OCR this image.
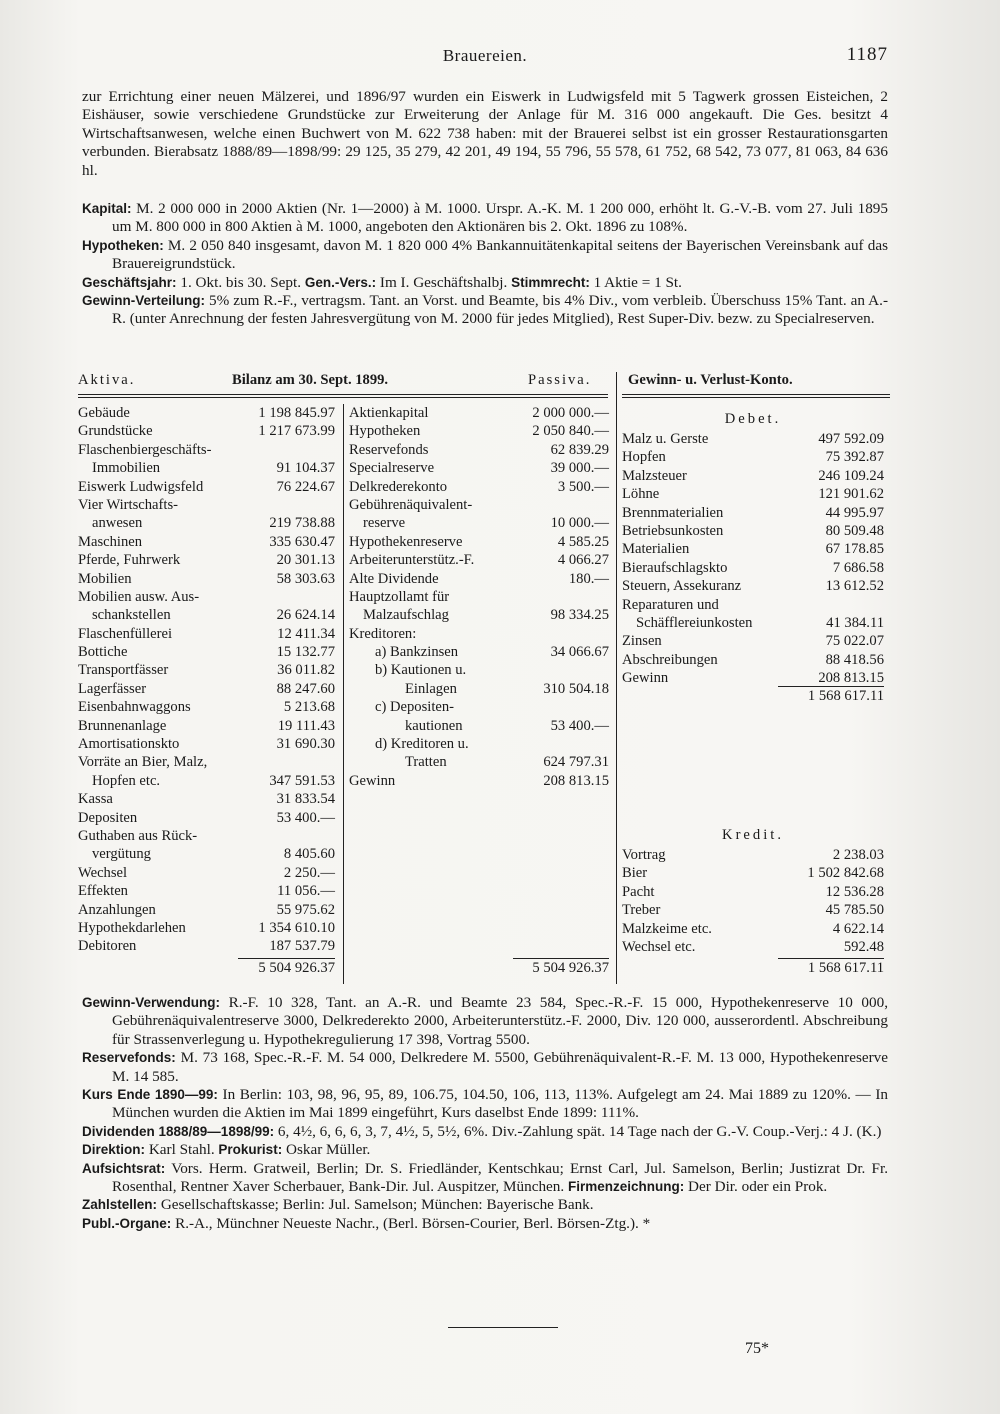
Brauereien.	1187
zur Errichtung einer neuen Mälzerei, und 1896/97 wurden ein Eiswerk in Ludwigsfeld mit 5 Tagwerk grossen Eisteichen, 2 Eishäuser, sowie verschiedene Grundstücke zur Erweiterung der Anlage für M. 316 000 angekauft. Die Ges. besitzt 4 Wirtschaftsanwesen, welche einen Buchwert von M. 622 738 haben: mit der Brauerei selbst ist ein grosser Restaurationsgarten verbunden. Bierabsatz 1888/89—1898/99: 29 125, 35 279, 42 201, 49 194, 55 796, 55 578, 61 752, 68 542, 73 077, 81 063, 84 636 hl.
Kapital: M. 2 000 000 in 2000 Aktien (Nr. 1—2000) à M. 1000. Urspr. A.-K. M. 1 200 000, erhöht lt. G.-V.-B. vom 27. Juli 1895 um M. 800 000 in 800 Aktien à M. 1000, angeboten den Aktionären bis 2. Okt. 1896 zu 108%.
Hypotheken: M. 2 050 840 insgesamt, davon M. 1 820 000 4% Bankannuitätenkapital seitens der Bayerischen Vereinsbank auf das Brauereigrundstück.
Geschäftsjahr: 1. Okt. bis 30. Sept. Gen.-Vers.: Im I. Geschäftshalbj. Stimmrecht: 1 Aktie = 1 St.
Gewinn-Verteilung: 5% zum R.-F., vertragsm. Tant. an Vorst. und Beamte, bis 4% Div., vom verbleib. Überschuss 15% Tant. an A.-R. (unter Anrechnung der festen Jahresvergütung von M. 2000 für jedes Mitglied), Rest Super-Div. bezw. zu Specialreserven.
Aktiva.	Bilanz am 30. Sept. 1899.	Passiva.	Gewinn- u. Verlust-Konto.
Gebäude	1 198 845.97
Grundstücke	1 217 673.99
Flaschenbiergeschäfts-
Immobilien	91 104.37
Eiswerk Ludwigsfeld	76 224.67
Vier Wirtschafts-
anwesen	219 738.88
Maschinen	335 630.47
Pferde, Fuhrwerk	20 301.13
Mobilien	58 303.63
Mobilien ausw. Aus-
schankstellen	26 624.14
Flaschenfüllerei	12 411.34
Bottiche	15 132.77
Transportfässer	36 011.82
Lagerfässer	88 247.60
Eisenbahnwaggons	5 213.68
Brunnenanlage	19 111.43
Amortisationskto	31 690.30
Vorräte an Bier, Malz,
Hopfen etc.	347 591.53
Kassa	31 833.54
Depositen	53 400.—
Guthaben aus Rück-
vergütung	8 405.60
Wechsel	2 250.—
Effekten	11 056.—
Anzahlungen	55 975.62
Hypothekdarlehen	1 354 610.10
Debitoren	187 537.79
5 504 926.37
Aktienkapital	2 000 000.—
Hypotheken	2 050 840.—
Reservefonds	62 839.29
Specialreserve	39 000.—
Delkrederekonto	3 500.—
Gebührenäquivalent-
reserve	10 000.—
Hypothekenreserve	4 585.25
Arbeiterunterstütz.-F.	4 066.27
Alte Dividende	180.—
Hauptzollamt für
Malzaufschlag	98 334.25
Kreditoren:
a) Bankzinsen	34 066.67
b) Kautionen u.
Einlagen	310 504.18
c) Depositen-
kautionen	53 400.—
d) Kreditoren u.
Tratten	624 797.31
Gewinn	208 813.15
5 504 926.37
Debet.
Malz u. Gerste	497 592.09
Hopfen	75 392.87
Malzsteuer	246 109.24
Löhne	121 901.62
Brennmaterialien	44 995.97
Betriebsunkosten	80 509.48
Materialien	67 178.85
Bieraufschlagskto	7 686.58
Steuern, Assekuranz	13 612.52
Reparaturen und
Schäfflereiunkosten	41 384.11
Zinsen	75 022.07
Abschreibungen	88 418.56
Gewinn	208 813.15
1 568 617.11
Kredit.
Vortrag	2 238.03
Bier	1 502 842.68
Pacht	12 536.28
Treber	45 785.50
Malzkeime etc.	4 622.14
Wechsel etc.	592.48
1 568 617.11
Gewinn-Verwendung: R.-F. 10 328, Tant. an A.-R. und Beamte 23 584, Spec.-R.-F. 15 000, Hypothekenreserve 10 000, Gebührenäquivalentreserve 3000, Delkrederekto 2000, Arbeiterunterstütz.-F. 2000, Div. 120 000, ausserordentl. Abschreibung für Strassenverlegung u. Hypothekregulierung 17 398, Vortrag 5500.
Reservefonds: M. 73 168, Spec.-R.-F. M. 54 000, Delkredere M. 5500, Gebührenäquivalent-R.-F. M. 13 000, Hypothekenreserve M. 14 585.
Kurs Ende 1890—99: In Berlin: 103, 98, 96, 95, 89, 106.75, 104.50, 106, 113, 113%. Aufgelegt am 24. Mai 1889 zu 120%. — In München wurden die Aktien im Mai 1899 eingeführt, Kurs daselbst Ende 1899: 111%.
Dividenden 1888/89—1898/99: 6, 4½, 6, 6, 6, 3, 7, 4½, 5, 5½, 6%. Div.-Zahlung spät. 14 Tage nach der G.-V. Coup.-Verj.: 4 J. (K.)
Direktion: Karl Stahl. Prokurist: Oskar Müller.
Aufsichtsrat: Vors. Herm. Gratweil, Berlin; Dr. S. Friedländer, Kentschkau; Ernst Carl, Jul. Samelson, Berlin; Justizrat Dr. Fr. Rosenthal, Rentner Xaver Scherbauer, Bank-Dir. Jul. Auspitzer, München. Firmenzeichnung: Der Dir. oder ein Prok.
Zahlstellen: Gesellschaftskasse; Berlin: Jul. Samelson; München: Bayerische Bank.
Publ.-Organe: R.-A., Münchner Neueste Nachr., (Berl. Börsen-Courier, Berl. Börsen-Ztg.). *
75*
